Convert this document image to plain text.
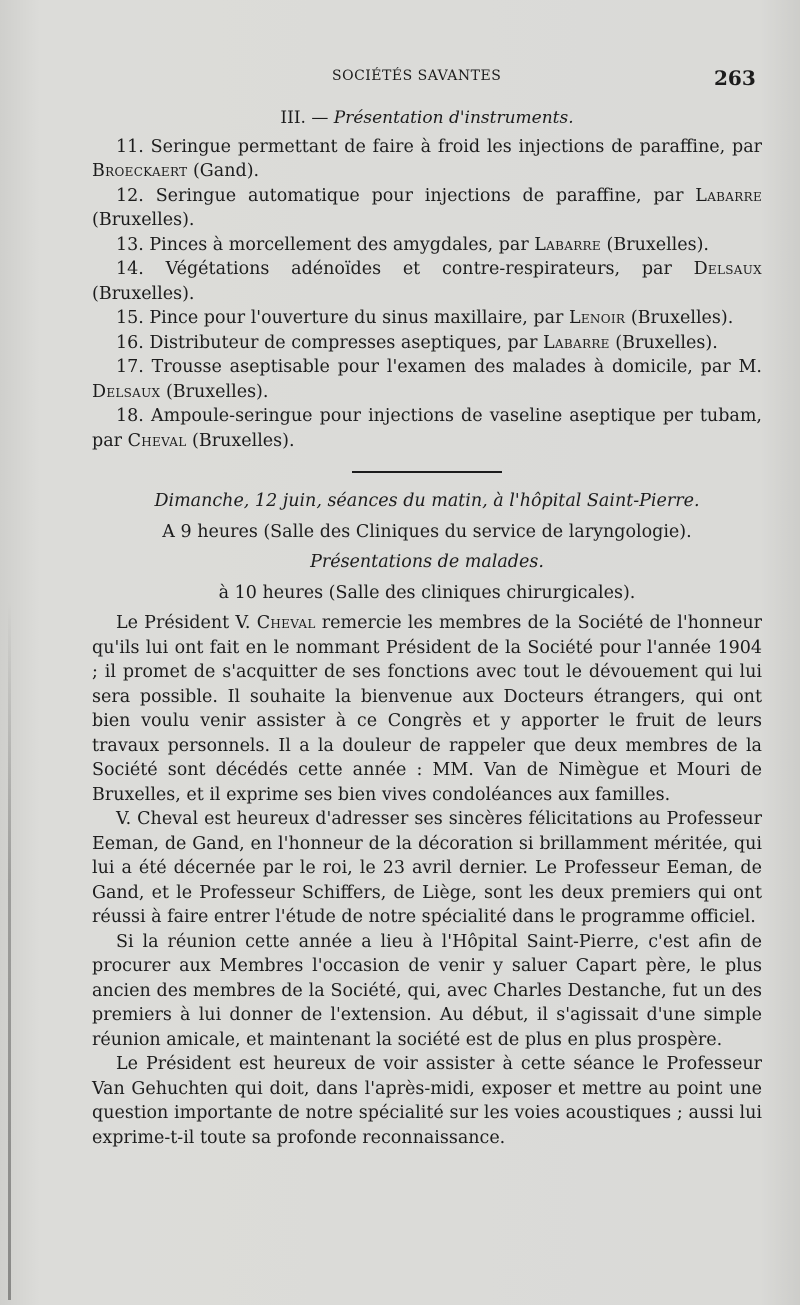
SOCIÉTÉS SAVANTES	263
III. — Présentation d'instruments.

11. Seringue permettant de faire à froid les injections de paraffine, par Broeckaert (Gand).

12. Seringue automatique pour injections de paraffine, par Labarre (Bruxelles).

13. Pinces à morcellement des amygdales, par Labarre (Bruxelles).

14. Végétations adénoïdes et contre-respirateurs, par Delsaux (Bruxelles).

15. Pince pour l'ouverture du sinus maxillaire, par Lenoir (Bruxelles).

16. Distributeur de compresses aseptiques, par Labarre (Bruxelles).

17. Trousse aseptisable pour l'examen des malades à domicile, par M. Delsaux (Bruxelles).

18. Ampoule-seringue pour injections de vaseline aseptique per tubam, par Cheval (Bruxelles).

Dimanche, 12 juin, séances du matin, à l'hôpital Saint-Pierre.

A 9 heures (Salle des Cliniques du service de laryngologie).

Présentations de malades.

à 10 heures (Salle des cliniques chirurgicales).

Le Président V. Cheval remercie les membres de la Société de l'honneur qu'ils lui ont fait en le nommant Président de la Société pour l'année 1904 ; il promet de s'acquitter de ses fonctions avec tout le dévouement qui lui sera possible. Il souhaite la bienvenue aux Docteurs étrangers, qui ont bien voulu venir assister à ce Congrès et y apporter le fruit de leurs travaux personnels. Il a la douleur de rappeler que deux membres de la Société sont décédés cette année : MM. Van de Nimègue et Mouri de Bruxelles, et il exprime ses bien vives condoléances aux familles.

V. Cheval est heureux d'adresser ses sincères félicitations au Professeur Eeman, de Gand, en l'honneur de la décoration si brillamment méritée, qui lui a été décernée par le roi, le 23 avril dernier. Le Professeur Eeman, de Gand, et le Professeur Schiffers, de Liège, sont les deux premiers qui ont réussi à faire entrer l'étude de notre spécialité dans le programme officiel.

Si la réunion cette année a lieu à l'Hôpital Saint-Pierre, c'est afin de procurer aux Membres l'occasion de venir y saluer Capart père, le plus ancien des membres de la Société, qui, avec Charles Destanche, fut un des premiers à lui donner de l'extension. Au début, il s'agissait d'une simple réunion amicale, et maintenant la société est de plus en plus prospère.

Le Président est heureux de voir assister à cette séance le Professeur Van Gehuchten qui doit, dans l'après-midi, exposer et mettre au point une question importante de notre spécialité sur les voies acoustiques ; aussi lui exprime-t-il toute sa profonde reconnaissance.
